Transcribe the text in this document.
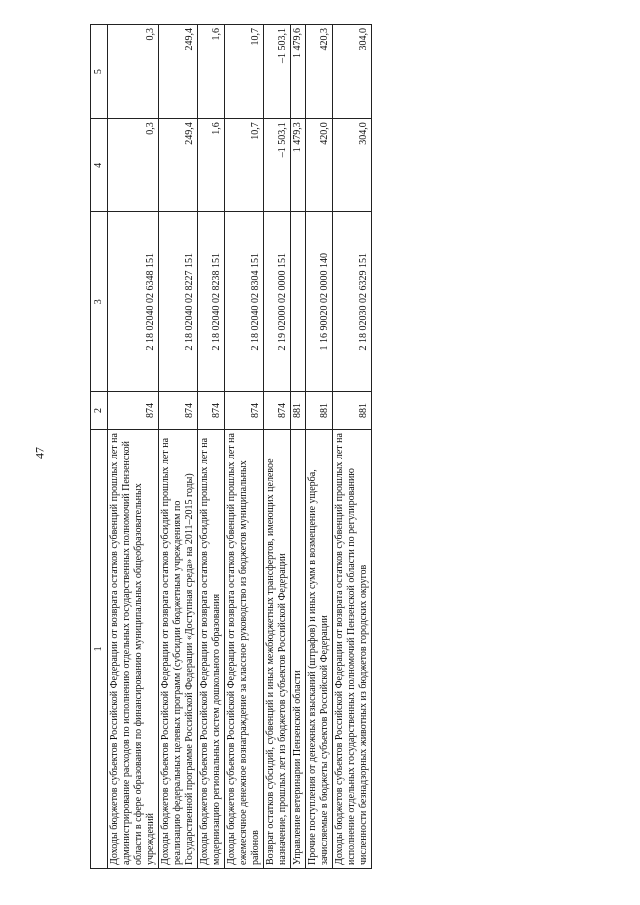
47
1	2	3	4	5
Доходы бюджетов субъектов Российской Федерации от возврата остатков субвенций прошлых лет на администрирование расходов по исполнению отдельных государственных полномочий Пензенской области в сфере образования по финансированию муниципальных общеобразовательных учреждений	874	2 18 02040 02 6348 151	0,3	0,3
Доходы бюджетов субъектов Российской Федерации от возврата остатков субсидий прошлых лет на реализацию федеральных целевых программ (субсидии бюджетным учреждениям по Государственной программе Российской Федерации «Доступная среда» на 2011–2015 годы)	874	2 18 02040 02 8227 151	249,4	249,4
Доходы бюджетов субъектов Российской Федерации от возврата остатков субсидий прошлых лет на модернизацию региональных систем дошкольного образования	874	2 18 02040 02 8238 151	1,6	1,6
Доходы бюджетов субъектов Российской Федерации от возврата остатков субвенций прошлых лет на ежемесячное денежное вознаграждение за классное руководство из бюджетов муниципальных районов	874	2 18 02040 02 8304 151	10,7	10,7
Возврат остатков субсидий, субвенций и иных межбюджетных трансфертов, имеющих целевое назначение, прошлых лет из бюджетов субъектов Российской Федерации	874	2 19 02000 02 0000 151	–1 503,1	–1 503,1
Управление ветеринарии Пензенской области	881		1 479,3	1 479,6
Прочие поступления от денежных взысканий (штрафов) и иных сумм в возмещение ущерба, зачисляемые в бюджеты субъектов Российской Федерации	881	1 16 90020 02 0000 140	420,0	420,3
Доходы бюджетов субъектов Российской Федерации от возврата остатков субвенций прошлых лет на исполнение отдельных государственных полномочий Пензенской области по регулированию численности безнадзорных животных из бюджетов городских округов	881	2 18 02030 02 6329 151	304,0	304,0
